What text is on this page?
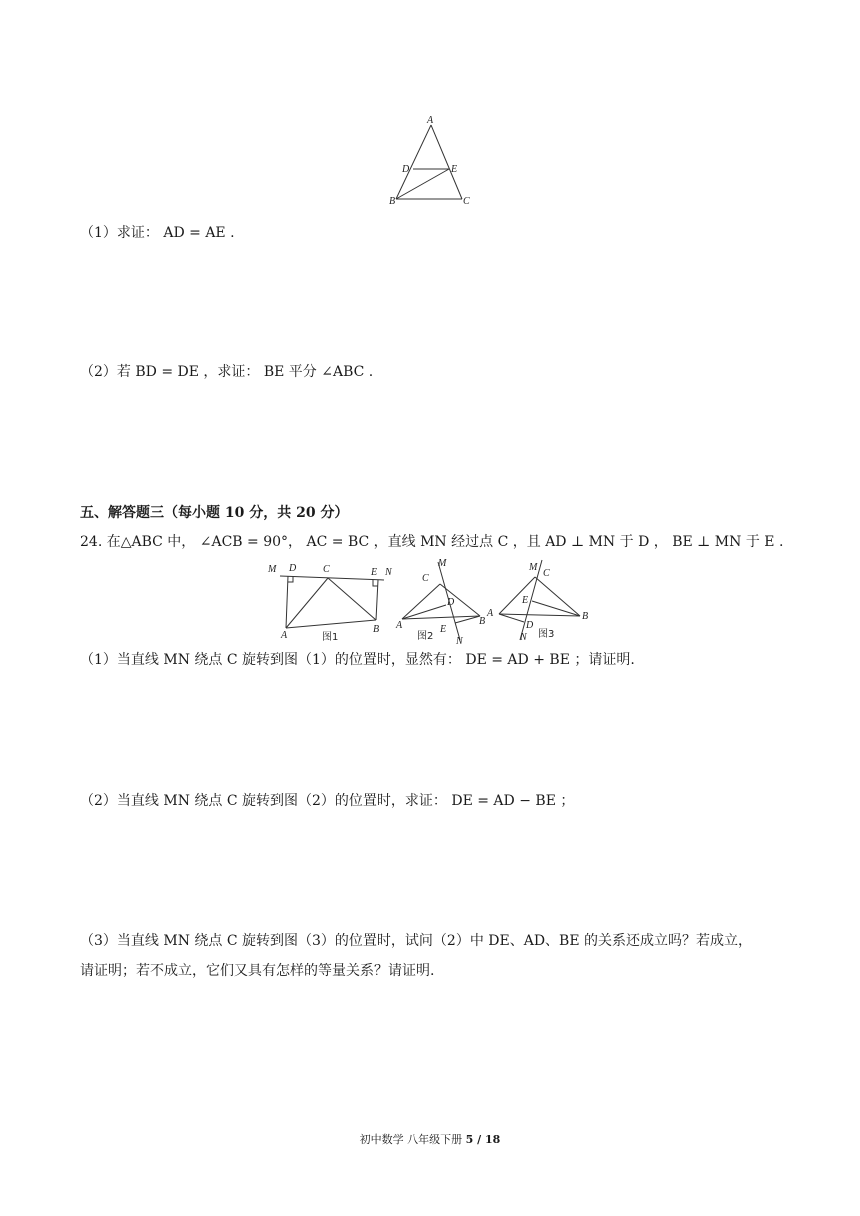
A
D	E
B	C
（1）求证： AD = AE .
（2）若 BD = DE ，求证： BE 平分 ∠ABC .
五、解答题三（每小题 10 分，共 20 分）
24. 在△ABC 中， ∠ACB = 90°， AC = BC ，直线 MN 经过点 C ，且 AD ⊥ MN 于 D ， BE ⊥ MN 于 E .
M D	C	E N
A
B
图1
M
C
D
A	B
E
N
图2
A
M
C
E
B
D
N 图3
（1）当直线 MN 绕点 C 旋转到图（1）的位置时，显然有： DE = AD + BE ；请证明.
（2）当直线 MN 绕点 C 旋转到图（2）的位置时，求证： DE = AD − BE ；
（3）当直线 MN 绕点 C 旋转到图（3）的位置时，试问（2）中 DE、AD、BE 的关系还成立吗？若成立，
请证明；若不成立，它们又具有怎样的等量关系？请证明.
初中数学 八年级下册 5 / 18
